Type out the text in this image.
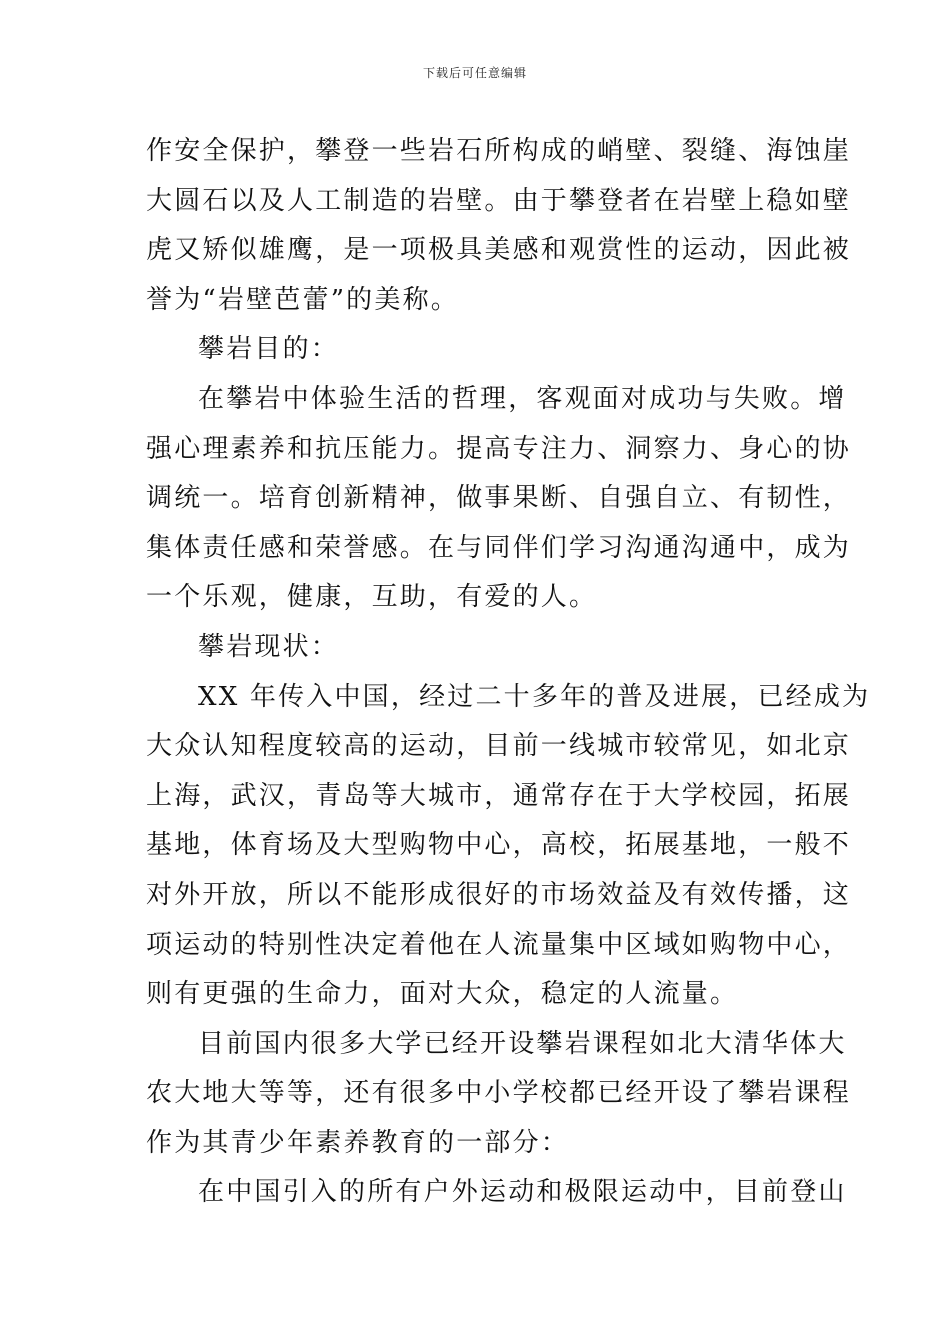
下载后可任意编辑
作安全保护，攀登一些岩石所构成的峭壁、裂缝、海蚀崖
大圆石以及人工制造的岩壁。由于攀登者在岩壁上稳如壁
虎又矫似雄鹰，是一项极具美感和观赏性的运动，因此被
誉为“岩壁芭蕾”的美称。
攀岩目的：
在攀岩中体验生活的哲理，客观面对成功与失败。增
强心理素养和抗压能力。提高专注力、洞察力、身心的协
调统一。培育创新精神，做事果断、自强自立、有韧性，
集体责任感和荣誉感。在与同伴们学习沟通沟通中，成为
一个乐观，健康，互助，有爱的人。
攀岩现状：
XX 年传入中国，经过二十多年的普及进展，已经成为
大众认知程度较高的运动，目前一线城市较常见，如北京
上海，武汉，青岛等大城市，通常存在于大学校园，拓展
基地，体育场及大型购物中心，高校，拓展基地，一般不
对外开放，所以不能形成很好的市场效益及有效传播，这
项运动的特别性决定着他在人流量集中区域如购物中心，
则有更强的生命力，面对大众，稳定的人流量。
目前国内很多大学已经开设攀岩课程如北大清华体大
农大地大等等，还有很多中小学校都已经开设了攀岩课程
作为其青少年素养教育的一部分：
在中国引入的所有户外运动和极限运动中，目前登山
